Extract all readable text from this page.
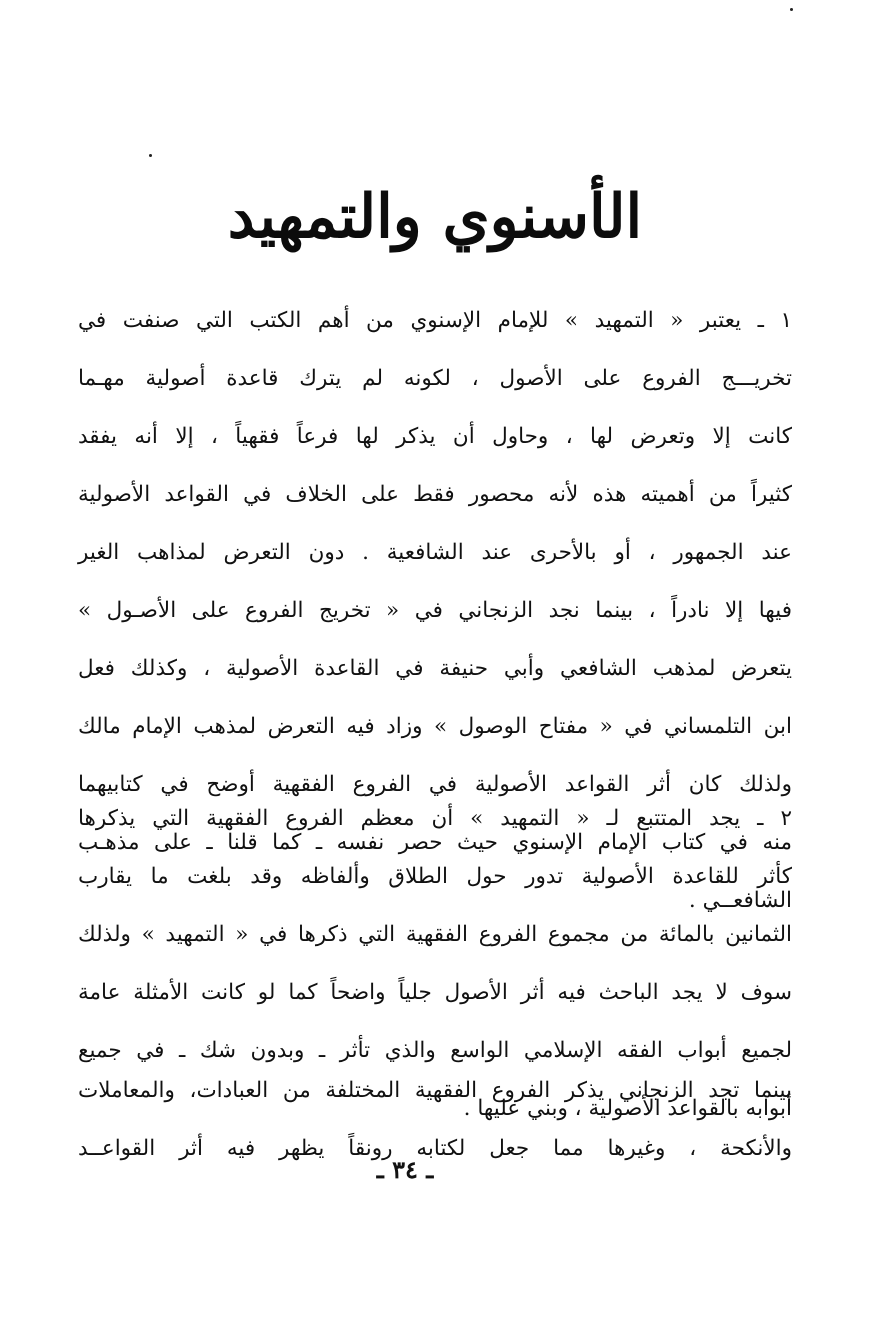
الأسنوي والتمهيد
١ ـ يعتبر « التمهيد » للإمام الإسنوي من أهم الكتب التي صنفت في
تخريـــج الفروع على الأصول ، لكونه لم يترك قاعدة أصولية مهـما
كانت إلا وتعرض لها ، وحاول أن يذكر لها فرعاً فقهياً ، إلا أنه يفقد
كثيراً من أهميته هذه لأنه محصور فقط على الخلاف في القواعد الأصولية
عند الجمهور ، أو بالأحرى عند الشافعية . دون التعرض لمذاهب الغير
فيها إلا نادراً ، بينما نجد الزنجاني في « تخريج الفروع على الأصـول »
يتعرض لمذهب الشافعي وأبي حنيفة في القاعدة الأصولية ، وكذلك فعل
ابن التلمساني في « مفتاح الوصول » وزاد فيه التعرض لمذهب الإمام مالك
ولذلك كان أثر القواعد الأصولية في الفروع الفقهية أوضح في كتابيهما
منه في كتاب الإمام الإسنوي حيث حصر نفسه ـ كما قلنا ـ على مذهـب
الشافعــي .
٢ ـ يجد المتتبع لـ « التمهيد » أن معظم الفروع الفقهية التي يذكرها
كأثر للقاعدة الأصولية تدور حول الطلاق وألفاظه وقد بلغت ما يقارب
الثمانين بالمائة من مجموع الفروع الفقهية التي ذكرها في « التمهيد » ولذلك
سوف لا يجد الباحث فيه أثر الأصول جلياً واضحاً كما لو كانت الأمثلة عامة
لجميع أبواب الفقه الإسلامي الواسع والذي تأثر ـ وبدون شك ـ في جميع
أبوابه بالقواعد الأصولية ، وبني عليها .
بينما تجد الزنجاني يذكر الفروع الفقهية المختلفة من العبادات، والمعاملات
والأنكحة ، وغيرها مما جعل لكتابه رونقاً يظهر فيه أثر القواعــد
ـ ٣٤ ـ
